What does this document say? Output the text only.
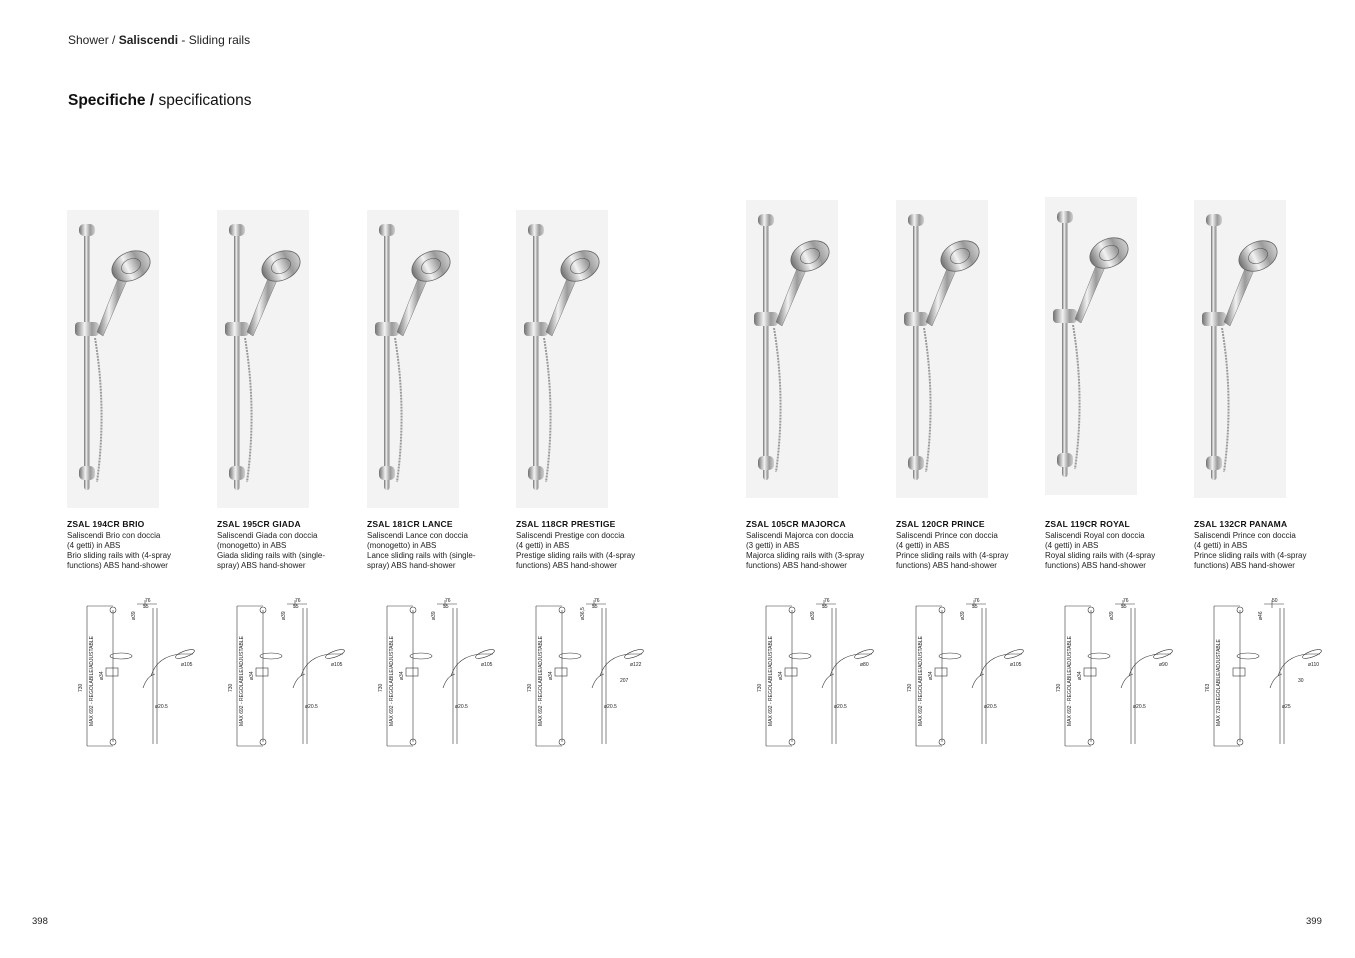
Shower / Saliscendi - Sliding rails
Specifiche / specifications
ZSAL 194CR BRIO
Saliscendi Brio con doccia
(4 getti) in ABS
Brio sliding rails with (4-spray
functions) ABS hand-shower
76
55
ø39
ø105
ø34
ø20.5
730 MAX 692 - REGOLABILE/ADJUSTABLE
ZSAL 195CR GIADA
Saliscendi Giada con doccia
(monogetto) in ABS
Giada sliding rails with (single-
spray) ABS hand-shower
76
55
ø39
ø105
ø34
ø20.5
730 MAX 692 - REGOLABILE/ADJUSTABLE
ZSAL 181CR LANCE
Saliscendi Lance con doccia
(monogetto) in ABS
Lance sliding rails with (single-
spray) ABS hand-shower
76
55
ø39
ø105
ø34
ø20.5
730 MAX 692 - REGOLABILE/ADJUSTABLE
ZSAL 118CR PRESTIGE
Saliscendi Prestige con doccia
(4 getti) in ABS
Prestige sliding rails with (4-spray
functions) ABS hand-shower
76
55
ø36,5
ø122
ø34
ø20.5
730 MAX 692 - REGOLABILE/ADJUSTABLE	207
ZSAL 105CR MAJORCA
Saliscendi Majorca con doccia
(3 getti) in ABS
Majorca sliding rails with (3-spray
functions) ABS hand-shower
76
55
ø39
ø80
ø34
ø20.5
730 MAX 692 - REGOLABILE/ADJUSTABLE
ZSAL 120CR PRINCE
Saliscendi Prince con doccia
(4 getti) in ABS
Prince sliding rails with (4-spray
functions) ABS hand-shower
76
55
ø39
ø105
ø34
ø20.5
730 MAX 692 - REGOLABILE/ADJUSTABLE
ZSAL 119CR ROYAL
Saliscendi Royal con doccia
(4 getti) in ABS
Royal sliding rails with (4-spray
functions) ABS hand-shower
76
55
ø39
ø90
ø34
ø20.5
730 MAX 692 - REGOLABILE/ADJUSTABLE
ZSAL 132CR PANAMA
Saliscendi Prince con doccia
(4 getti) in ABS
Prince sliding rails with (4-spray
functions) ABS hand-shower
50
ø46
ø110
ø25
763 MAX 733 REGOLABILE/ADJUSTABLE	30
398	399
